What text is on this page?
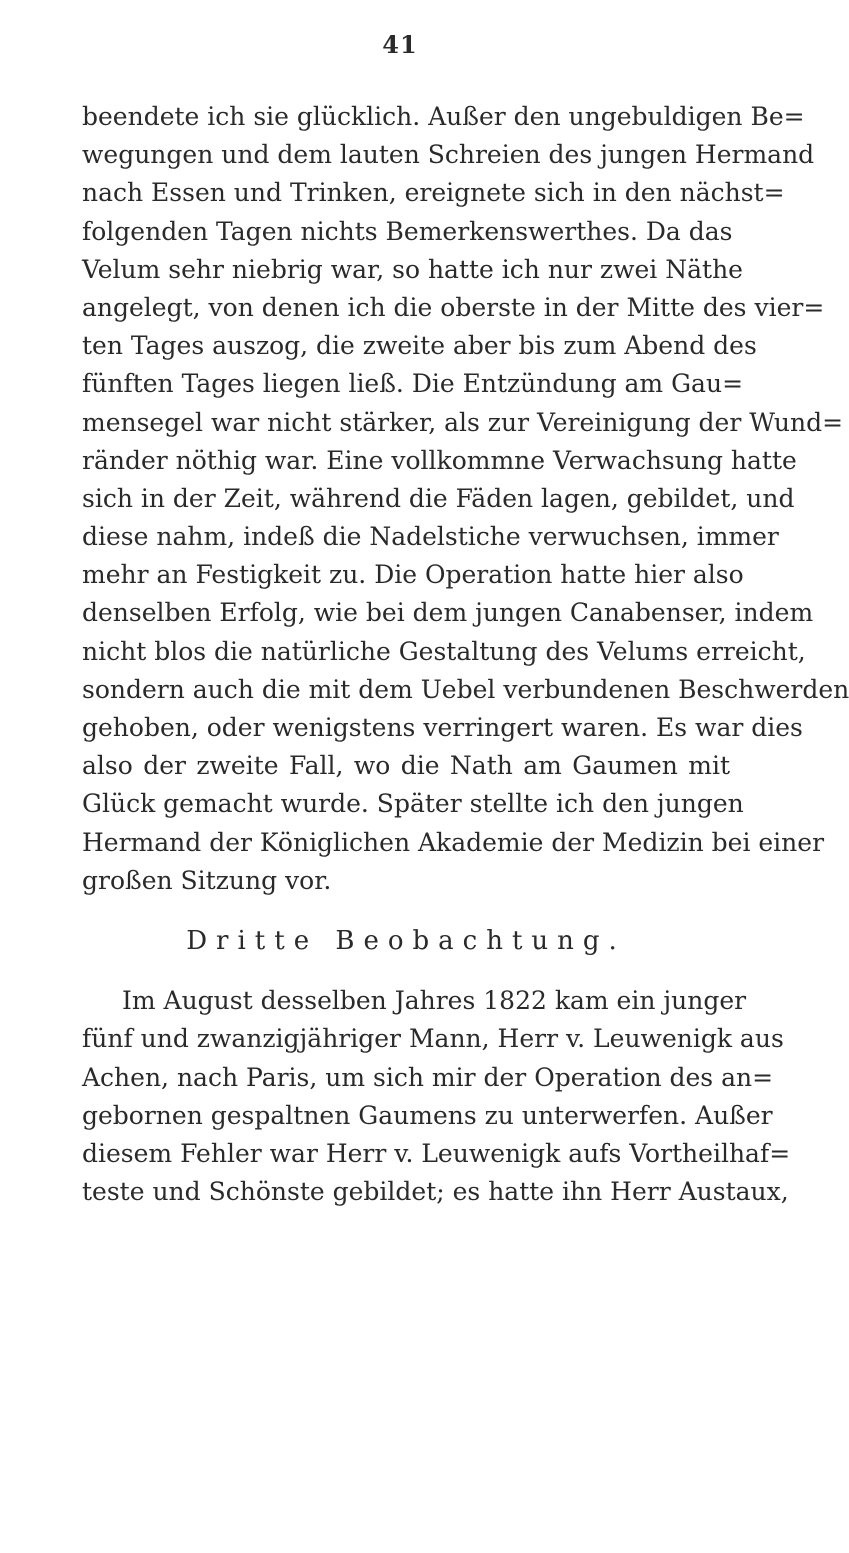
41
beendete ich sie glücklich. Außer den ungebuldigen Be=
wegungen und dem lauten Schreien des jungen Hermand
nach Essen und Trinken, ereignete sich in den nächst=
folgenden Tagen nichts Bemerkenswerthes. Da das
Velum sehr niebrig war, so hatte ich nur zwei Näthe
angelegt, von denen ich die oberste in der Mitte des vier=
ten Tages auszog, die zweite aber bis zum Abend des
fünften Tages liegen ließ. Die Entzündung am Gau=
mensegel war nicht stärker, als zur Vereinigung der Wund=
ränder nöthig war. Eine vollkommne Verwachsung hatte
sich in der Zeit, während die Fäden lagen, gebildet, und
diese nahm, indeß die Nadelstiche verwuchsen, immer
mehr an Festigkeit zu. Die Operation hatte hier also
denselben Erfolg, wie bei dem jungen Canabenser, indem
nicht blos die natürliche Gestaltung des Velums erreicht,
sondern auch die mit dem Uebel verbundenen Beschwerden
gehoben, oder wenigstens verringert waren. Es war dies
also der zweite Fall, wo die Nath am Gaumen mit
Glück gemacht wurde. Später stellte ich den jungen
Hermand der Königlichen Akademie der Medizin bei einer
großen Sitzung vor.
Dritte Beobachtung.
Im August desselben Jahres 1822 kam ein junger
fünf und zwanzigjähriger Mann, Herr v. Leuwenigk aus
Achen, nach Paris, um sich mir der Operation des an=
gebornen gespaltnen Gaumens zu unterwerfen. Außer
diesem Fehler war Herr v. Leuwenigk aufs Vortheilhaf=
teste und Schönste gebildet; es hatte ihn Herr Austaux,
